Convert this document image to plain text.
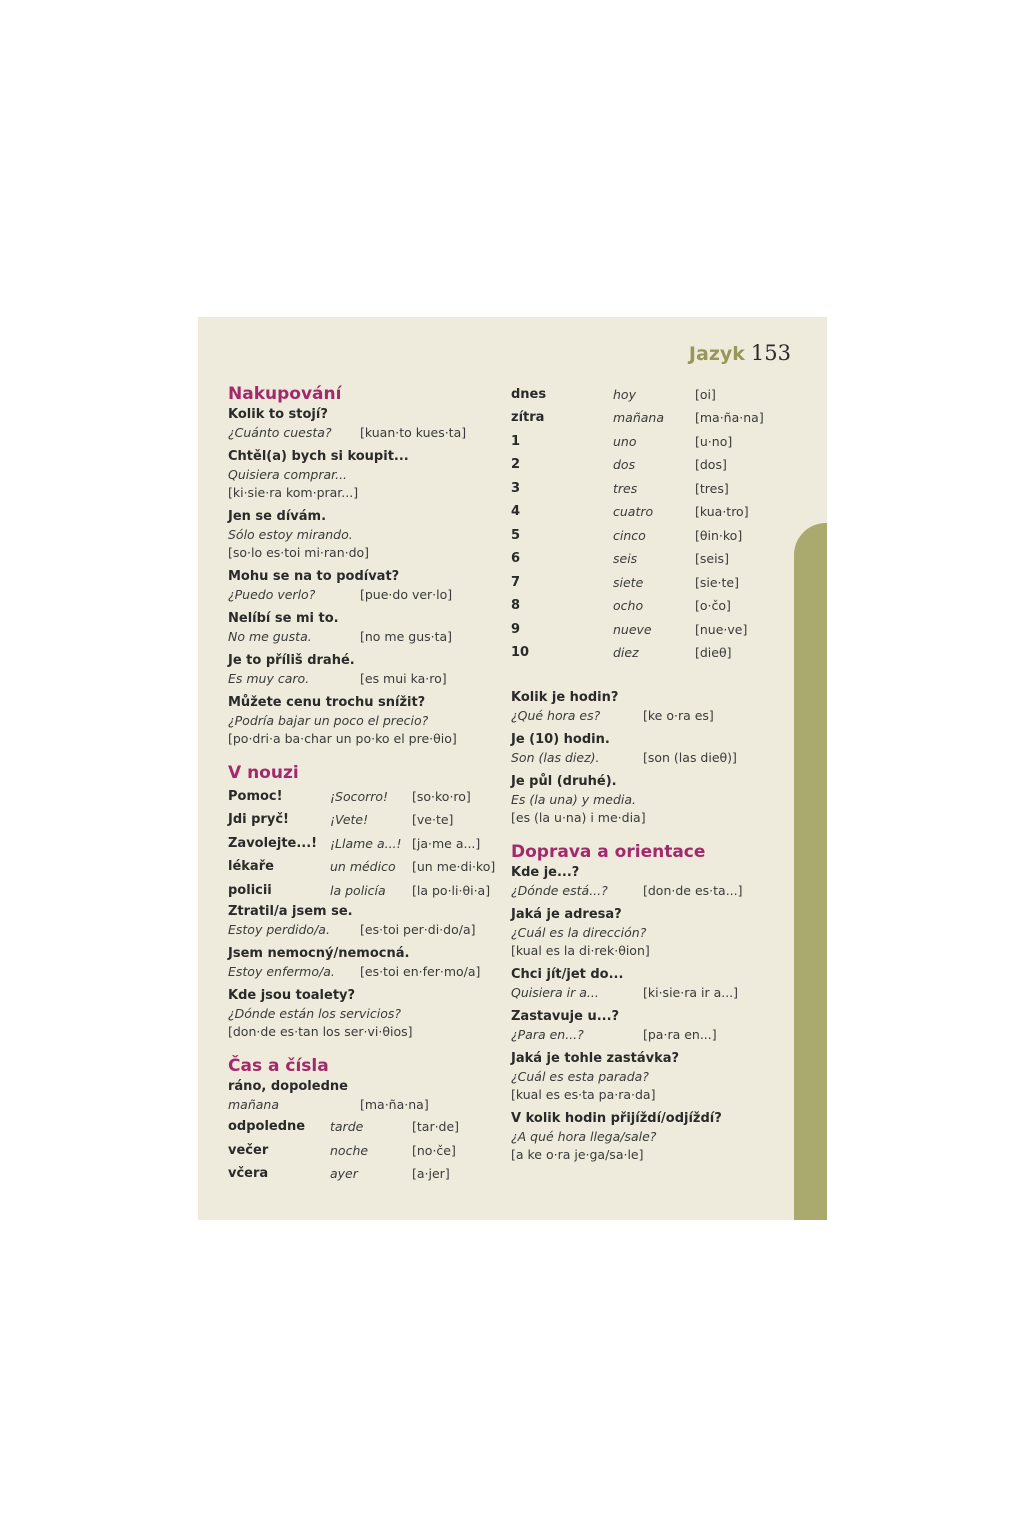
Jazyk 153
Nakupování
Kolik to stojí?
¿Cuánto cuesta?	[kuan·to kues·ta]
Chtěl(a) bych si koupit...
Quisiera comprar...
[ki·sie·ra kom·prar...]
Jen se dívám.
Sólo estoy mirando.
[so·lo es·toi mi·ran·do]
Mohu se na to podívat?
¿Puedo verlo?	[pue·do ver·lo]
Nelíbí se mi to.
No me gusta.	[no me gus·ta]
Je to příliš drahé.
Es muy caro.	[es mui ka·ro]
Můžete cenu trochu snížit?
¿Podría bajar un poco el precio?
[po·dri·a ba·char un po·ko el pre·θio]
V nouzi
Pomoc!	¡Socorro!	[so·ko·ro]
Jdi pryč!	¡Vete!	[ve·te]
Zavolejte...!	¡Llame a...! [ja·me a...]
lékaře	un médico	[un me·di·ko]
policii	la policía	[la po·li·θi·a]
Ztratil/a jsem se.
Estoy perdido/a.	[es·toi per·di·do/a]
Jsem nemocný/nemocná.
Estoy enfermo/a.	[es·toi en·fer·mo/a]
Kde jsou toalety?
¿Dónde están los servicios?
[don·de es·tan los ser·vi·θios]
Čas a čísla
ráno, dopoledne
mañana	[ma·ña·na]
odpoledne	tarde	[tar·de]
večer	noche	[no·če]
včera	ayer	[a·jer]
dnes	hoy	[oi]
zítra	mañana	[ma·ña·na]
1	uno	[u·no]
2	dos	[dos]
3	tres	[tres]
4	cuatro	[kua·tro]
5	cinco	[θin·ko]
6	seis	[seis]
7	siete	[sie·te]
8	ocho	[o·čo]
9	nueve	[nue·ve]
10	diez	[dieθ]
Kolik je hodin?
¿Qué hora es?	[ke o·ra es]
Je (10) hodin.
Son (las diez).	[son (las dieθ)]
Je půl (druhé).
Es (la una) y media.
[es (la u·na) i me·dia]
Doprava a orientace
Kde je...?
¿Dónde está...?	[don·de es·ta...]
Jaká je adresa?
¿Cuál es la dirección?
[kual es la di·rek·θion]
Chci jít/jet do...
Quisiera ir a...	[ki·sie·ra ir a...]
Zastavuje u...?
¿Para en...?	[pa·ra en...]
Jaká je tohle zastávka?
¿Cuál es esta parada?
[kual es es·ta pa·ra·da]
V kolik hodin přijíždí/odjíždí?
¿A qué hora llega/sale?
[a ke o·ra je·ga/sa·le]
